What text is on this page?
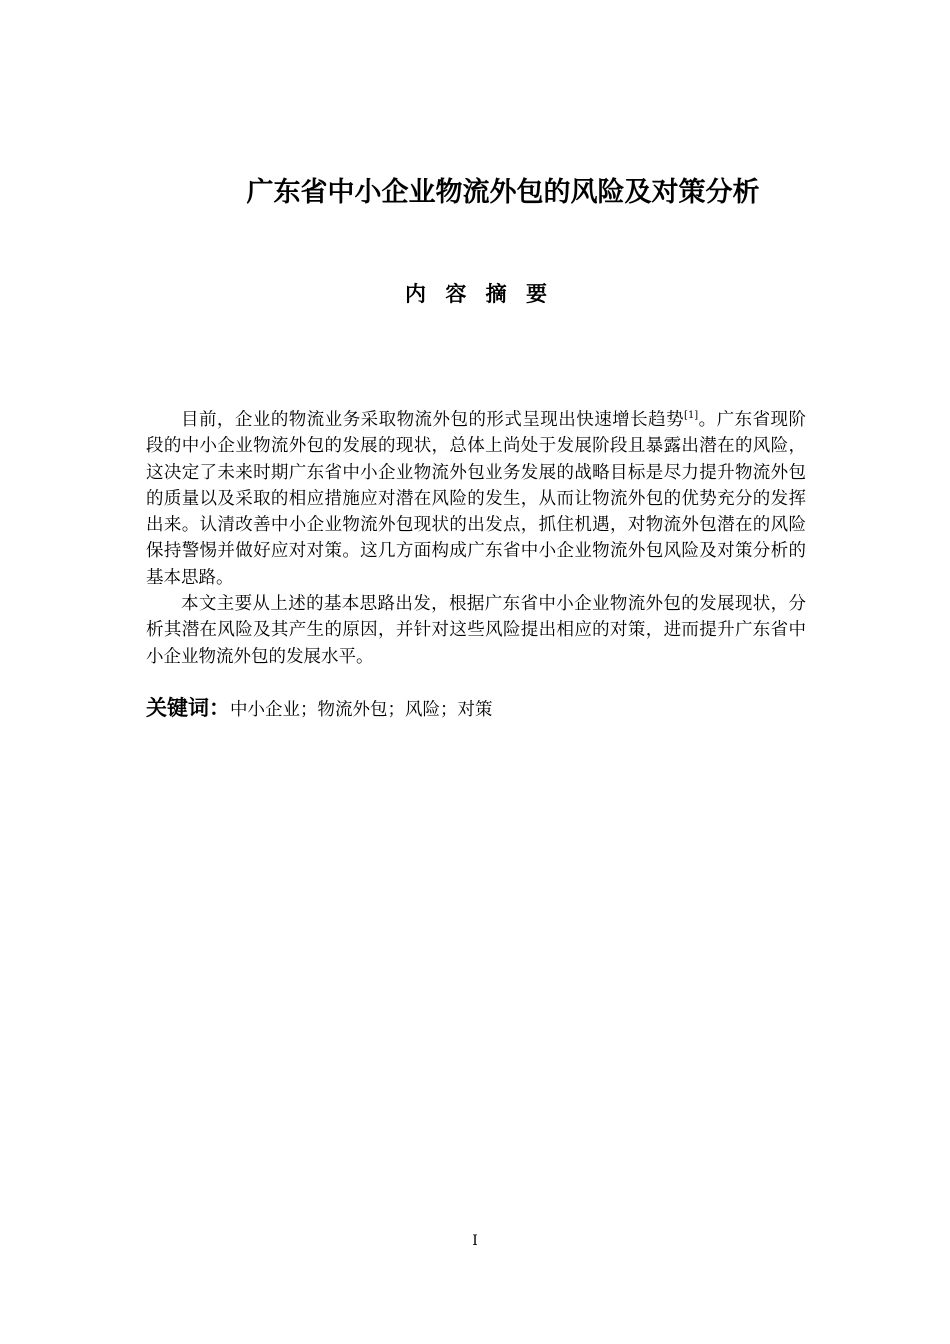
广东省中小企业物流外包的风险及对策分析
内 容 摘 要

目前，企业的物流业务采取物流外包的形式呈现出快速增长趋势[1]。广东省现阶段的中小企业物流外包的发展的现状，总体上尚处于发展阶段且暴露出潜在的风险，这决定了未来时期广东省中小企业物流外包业务发展的战略目标是尽力提升物流外包的质量以及采取的相应措施应对潜在风险的发生，从而让物流外包的优势充分的发挥出来。认清改善中小企业物流外包现状的出发点，抓住机遇，对物流外包潜在的风险保持警惕并做好应对对策。这几方面构成广东省中小企业物流外包风险及对策分析的基本思路。

本文主要从上述的基本思路出发，根据广东省中小企业物流外包的发展现状，分析其潜在风险及其产生的原因，并针对这些风险提出相应的对策，进而提升广东省中小企业物流外包的发展水平。

关键词：中小企业；物流外包；风险；对策
I
